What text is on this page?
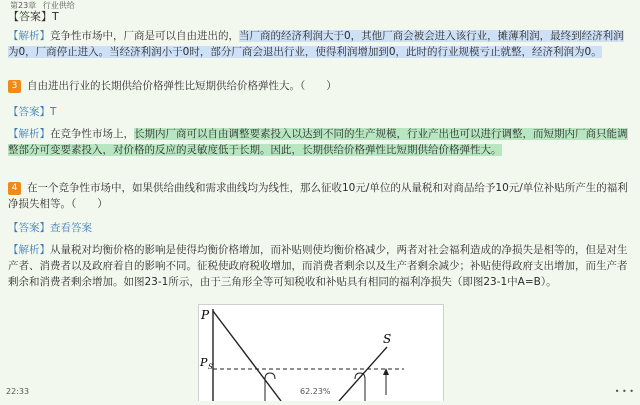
第23章 行业供给
【答案】T
【解析】竞争性市场中，厂商是可以自由进出的，当厂商的经济利润大于0，其他厂商会被会进入该行业，摊薄利润，最终到经济利润为0，厂商停止进入。当经济利润小于0时，部分厂商会退出行业，使得利润增加到0，此时的行业规模亏止就整，经济利润为0。
3 自由进出行业的长期供给价格弹性比短期供给价格弹性大。（　　）
【答案】T
【解析】在竞争性市场上，长期内厂商可以自由调整要素投入以达到不同的生产规模，行业产出也可以进行调整，而短期内厂商只能调整部分可变要素投入，对价格的反应的灵敏度低于长期。因此，长期供给价格弹性比短期供给价格弹性大。
4 在一个竞争性市场中，如果供给曲线和需求曲线均为线性，那么征收10元/单位的从量税和对商品给予10元/单位补贴所产生的福利净损失相等。（　　）
【答案】查看答案
【解析】从量税对均衡价格的影响是使得均衡价格增加，而补贴则使均衡价格减少，两者对社会福利造成的净损失是相等的，但是对生产者、消费者以及政府着自的影响不同。征税使政府税收增加，而消费者剩余以及生产者剩余减少；补贴使得政府支出增加，而生产者剩余和消费者剩余增加。如图23-1所示，由于三角形全等可知税收和补贴具有相同的福利净损失（即图23-1中A=B）。
P
P S
S
22:33	62.23%	• • •
